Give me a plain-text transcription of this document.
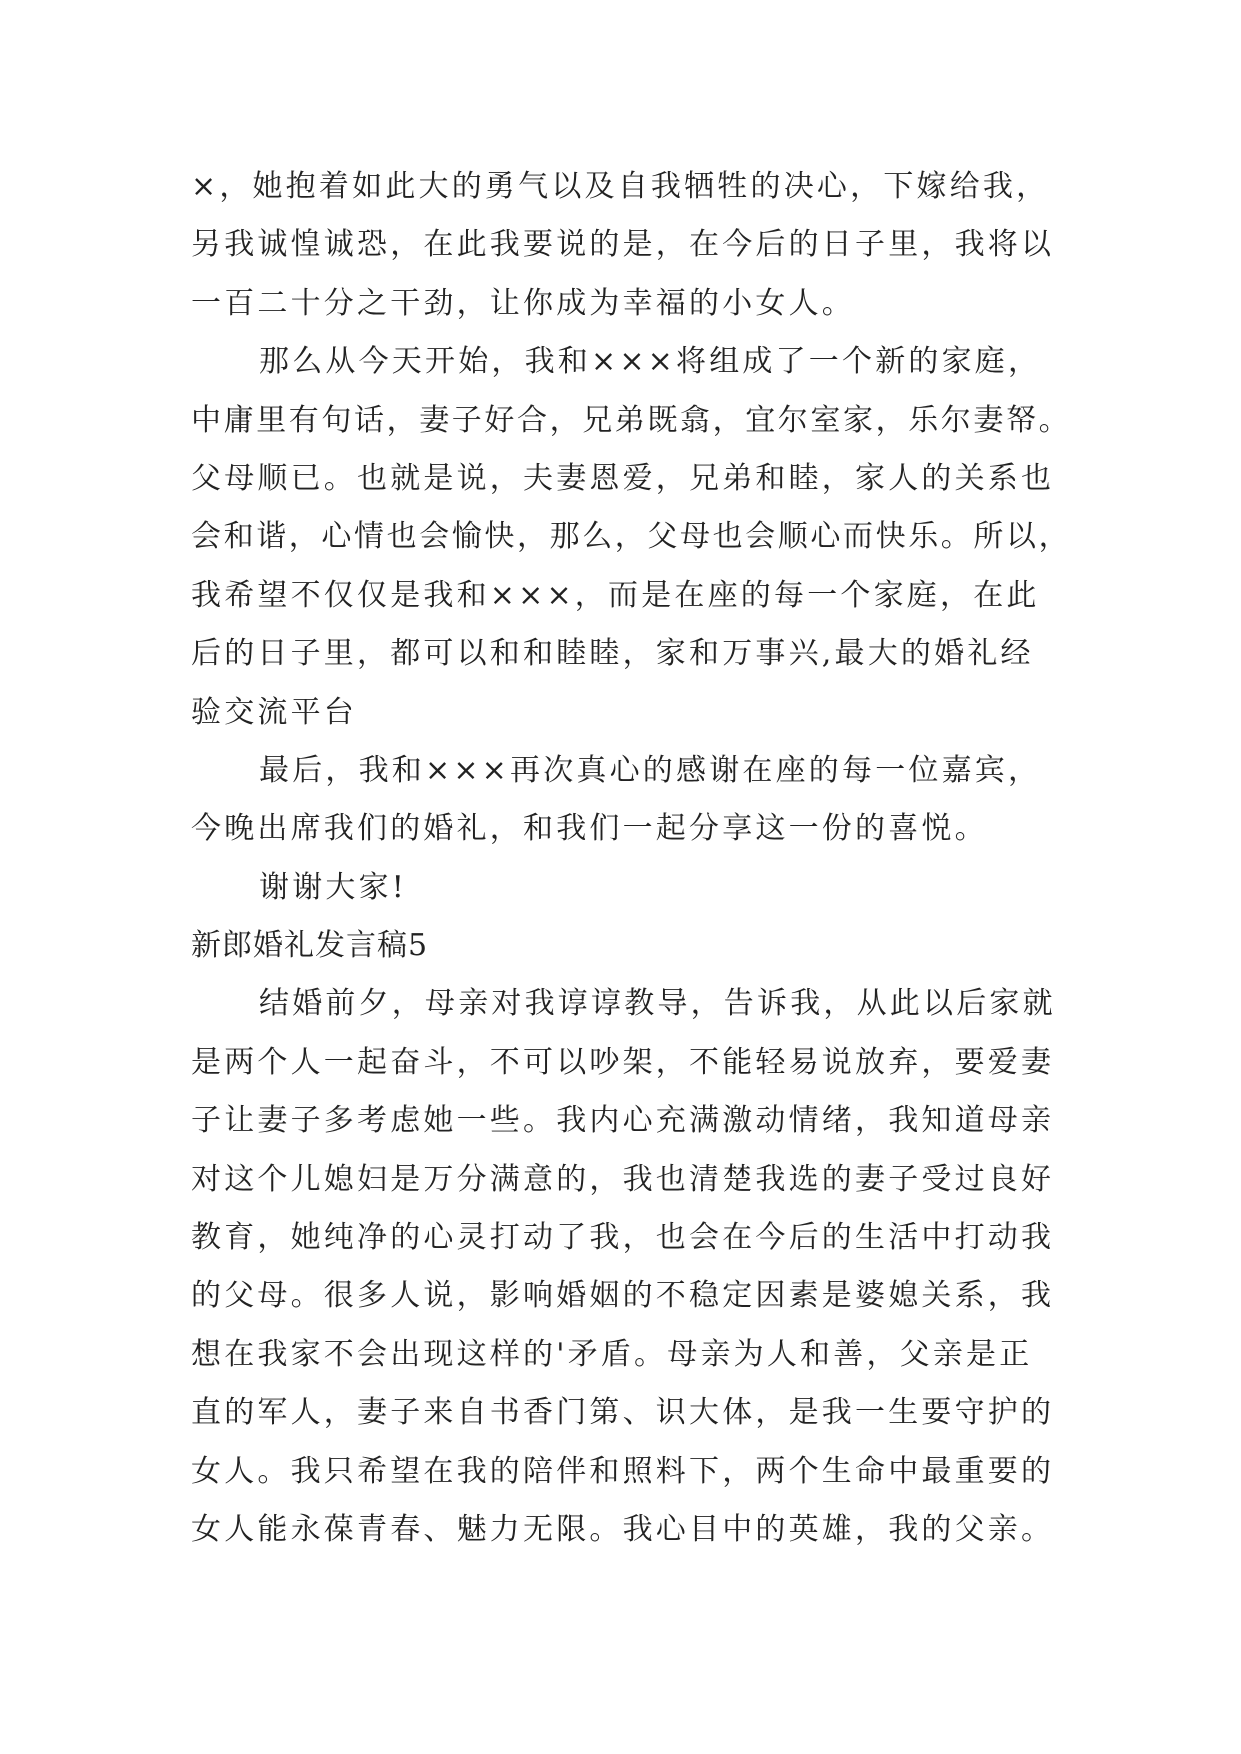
×，她抱着如此大的勇气以及自我牺牲的决心，下嫁给我，
另我诚惶诚恐，在此我要说的是，在今后的日子里，我将以
一百二十分之干劲，让你成为幸福的小女人。
那么从今天开始，我和×××将组成了一个新的家庭，
中庸里有句话，妻子好合，兄弟既翕，宜尔室家，乐尔妻帑。
父母顺已。也就是说，夫妻恩爱，兄弟和睦，家人的关系也
会和谐，心情也会愉快，那么，父母也会顺心而快乐。所以，
我希望不仅仅是我和×××，而是在座的每一个家庭，在此
后的日子里，都可以和和睦睦，家和万事兴,最大的婚礼经
验交流平台
最后，我和×××再次真心的感谢在座的每一位嘉宾，
今晚出席我们的婚礼，和我们一起分享这一份的喜悦。
谢谢大家!
新郎婚礼发言稿5
结婚前夕，母亲对我谆谆教导，告诉我，从此以后家就
是两个人一起奋斗，不可以吵架，不能轻易说放弃，要爱妻
子让妻子多考虑她一些。我内心充满激动情绪，我知道母亲
对这个儿媳妇是万分满意的，我也清楚我选的妻子受过良好
教育，她纯净的心灵打动了我，也会在今后的生活中打动我
的父母。很多人说，影响婚姻的不稳定因素是婆媳关系，我
想在我家不会出现这样的'矛盾。母亲为人和善，父亲是正
直的军人，妻子来自书香门第、识大体，是我一生要守护的
女人。我只希望在我的陪伴和照料下，两个生命中最重要的
女人能永葆青春、魅力无限。我心目中的英雄，我的父亲。
